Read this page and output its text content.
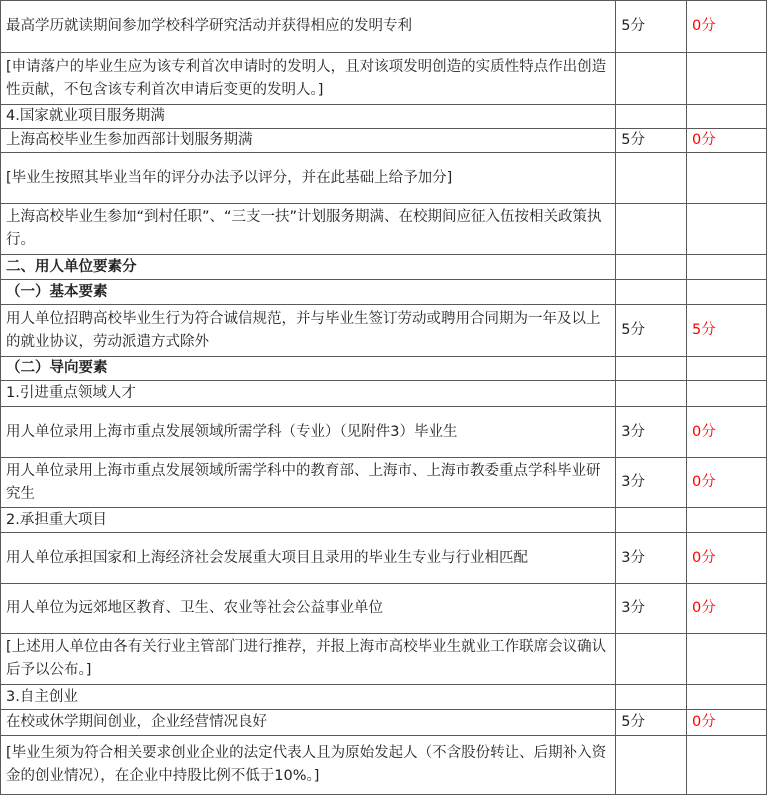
最高学历就读期间参加学校科学研究活动并获得相应的发明专利	5分	0分
[申请落户的毕业生应为该专利首次申请时的发明人，且对该项发明创造的实质性特点作出创造性贡献，不包含该专利首次申请后变更的发明人。]		
4.国家就业项目服务期满		
上海高校毕业生参加西部计划服务期满	5分	0分
[毕业生按照其毕业当年的评分办法予以评分，并在此基础上给予加分]		
上海高校毕业生参加“到村任职”、“三支一扶”计划服务期满、在校期间应征入伍按相关政策执行。		
二、用人单位要素分		
（一）基本要素		
用人单位招聘高校毕业生行为符合诚信规范，并与毕业生签订劳动或聘用合同期为一年及以上的就业协议，劳动派遣方式除外	5分	5分
（二）导向要素		
1.引进重点领域人才		
用人单位录用上海市重点发展领域所需学科（专业）（见附件3）毕业生	3分	0分
用人单位录用上海市重点发展领域所需学科中的教育部、上海市、上海市教委重点学科毕业研究生	3分	0分
2.承担重大项目		
用人单位承担国家和上海经济社会发展重大项目且录用的毕业生专业与行业相匹配	3分	0分
用人单位为远郊地区教育、卫生、农业等社会公益事业单位	3分	0分
[上述用人单位由各有关行业主管部门进行推荐，并报上海市高校毕业生就业工作联席会议确认后予以公布。]		
3.自主创业		
在校或休学期间创业，企业经营情况良好	5分	0分
[毕业生须为符合相关要求创业企业的法定代表人且为原始发起人（不含股份转让、后期补入资金的创业情况），在企业中持股比例不低于10%。]		
